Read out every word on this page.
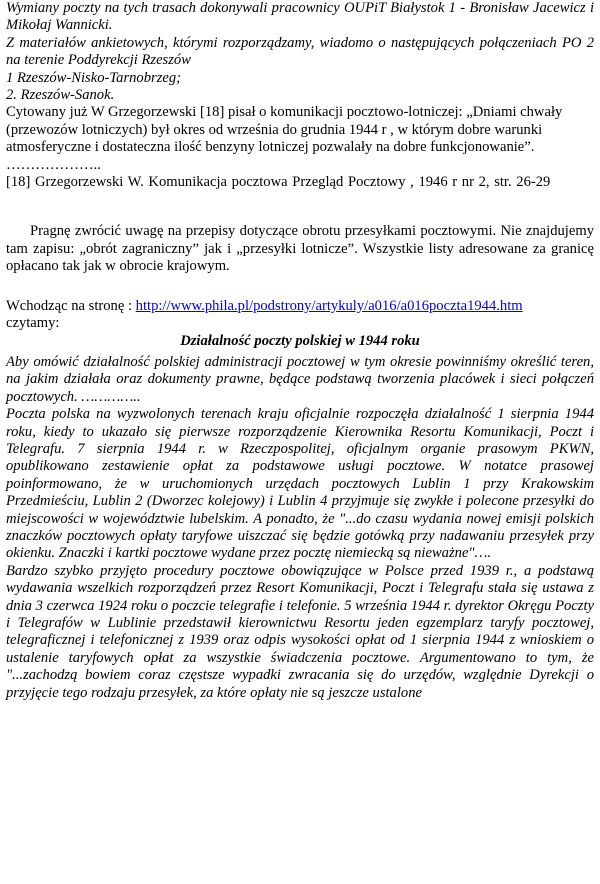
Wymiany poczty na tych trasach dokonywali pracownicy OUPiT Białystok 1 - Bronisław Jacewicz i Mikołaj Wannicki.

Z materiałów ankietowych, którymi rozporządzamy, wiadomo o następujących połączeniach PO 2 na terenie Poddyrekcji Rzeszów

1 Rzeszów-Nisko-Tarnobrzeg;

2. Rzeszów-Sanok.

Cytowany już W Grzegorzewski [18] pisał o komunikacji pocztowo-lotniczej: „Dniami chwały (przewozów lotniczych) był okres od września do grudnia 1944 r , w którym dobre warunki atmosferyczne i dostateczna ilość benzyny lotniczej pozwalały na dobre funkcjonowanie”.

………………..

[18] Grzegorzewski W. Komunikacja pocztowa Przegląd Pocztowy , 1946 r nr 2, str. 26-29

Pragnę zwrócić uwagę na przepisy dotyczące obrotu przesyłkami pocztowymi. Nie znajdujemy tam zapisu: „obrót zagraniczny” jak i „przesyłki lotnicze”. Wszystkie listy adresowane za granicę opłacano tak jak w obrocie krajowym.

Wchodząc na stronę : http://www.phila.pl/podstrony/artykuly/a016/a016poczta1944.htm

czytamy:

Działalność poczty polskiej w 1944 roku

Aby omówić działalność polskiej administracji pocztowej w tym okresie powinniśmy określić teren, na jakim działała oraz dokumenty prawne, będące podstawą tworzenia placówek i sieci połączeń pocztowych. …………..

Poczta polska na wyzwolonych terenach kraju oficjalnie rozpoczęła działalność 1 sierpnia 1944 roku, kiedy to ukazało się pierwsze rozporządzenie Kierownika Resortu Komunikacji, Poczt i Telegrafu. 7 sierpnia 1944 r. w Rzeczpospolitej, oficjalnym organie prasowym PKWN, opublikowano zestawienie opłat za podstawowe usługi pocztowe. W notatce prasowej poinformowano, że w uruchomionych urzędach pocztowych Lublin 1 przy Krakowskim Przedmieściu, Lublin 2 (Dworzec kolejowy) i Lublin 4 przyjmuje się zwykłe i polecone przesyłki do miejscowości w województwie lubelskim. A ponadto, że "...do czasu wydania nowej emisji polskich znaczków pocztowych opłaty taryfowe uiszczać się będzie gotówką przy nadawaniu przesyłek przy okienku. Znaczki i kartki pocztowe wydane przez pocztę niemiecką są nieważne"….

Bardzo szybko przyjęto procedury pocztowe obowiązujące w Polsce przed 1939 r., a podstawą wydawania wszelkich rozporządzeń przez Resort Komunikacji, Poczt i Telegrafu stała się ustawa z dnia 3 czerwca 1924 roku o poczcie telegrafie i telefonie. 5 września 1944 r. dyrektor Okręgu Poczty i Telegrafów w Lublinie przedstawił kierownictwu Resortu jeden egzemplarz taryfy pocztowej, telegraficznej i telefonicznej z 1939 oraz odpis wysokości opłat od 1 sierpnia 1944 z wnioskiem o ustalenie taryfowych opłat za wszystkie świadczenia pocztowe. Argumentowano to tym, że "...zachodzą bowiem coraz częstsze wypadki zwracania się do urzędów, względnie Dyrekcji o przyjęcie tego rodzaju przesyłek, za które opłaty nie są jeszcze ustalone
